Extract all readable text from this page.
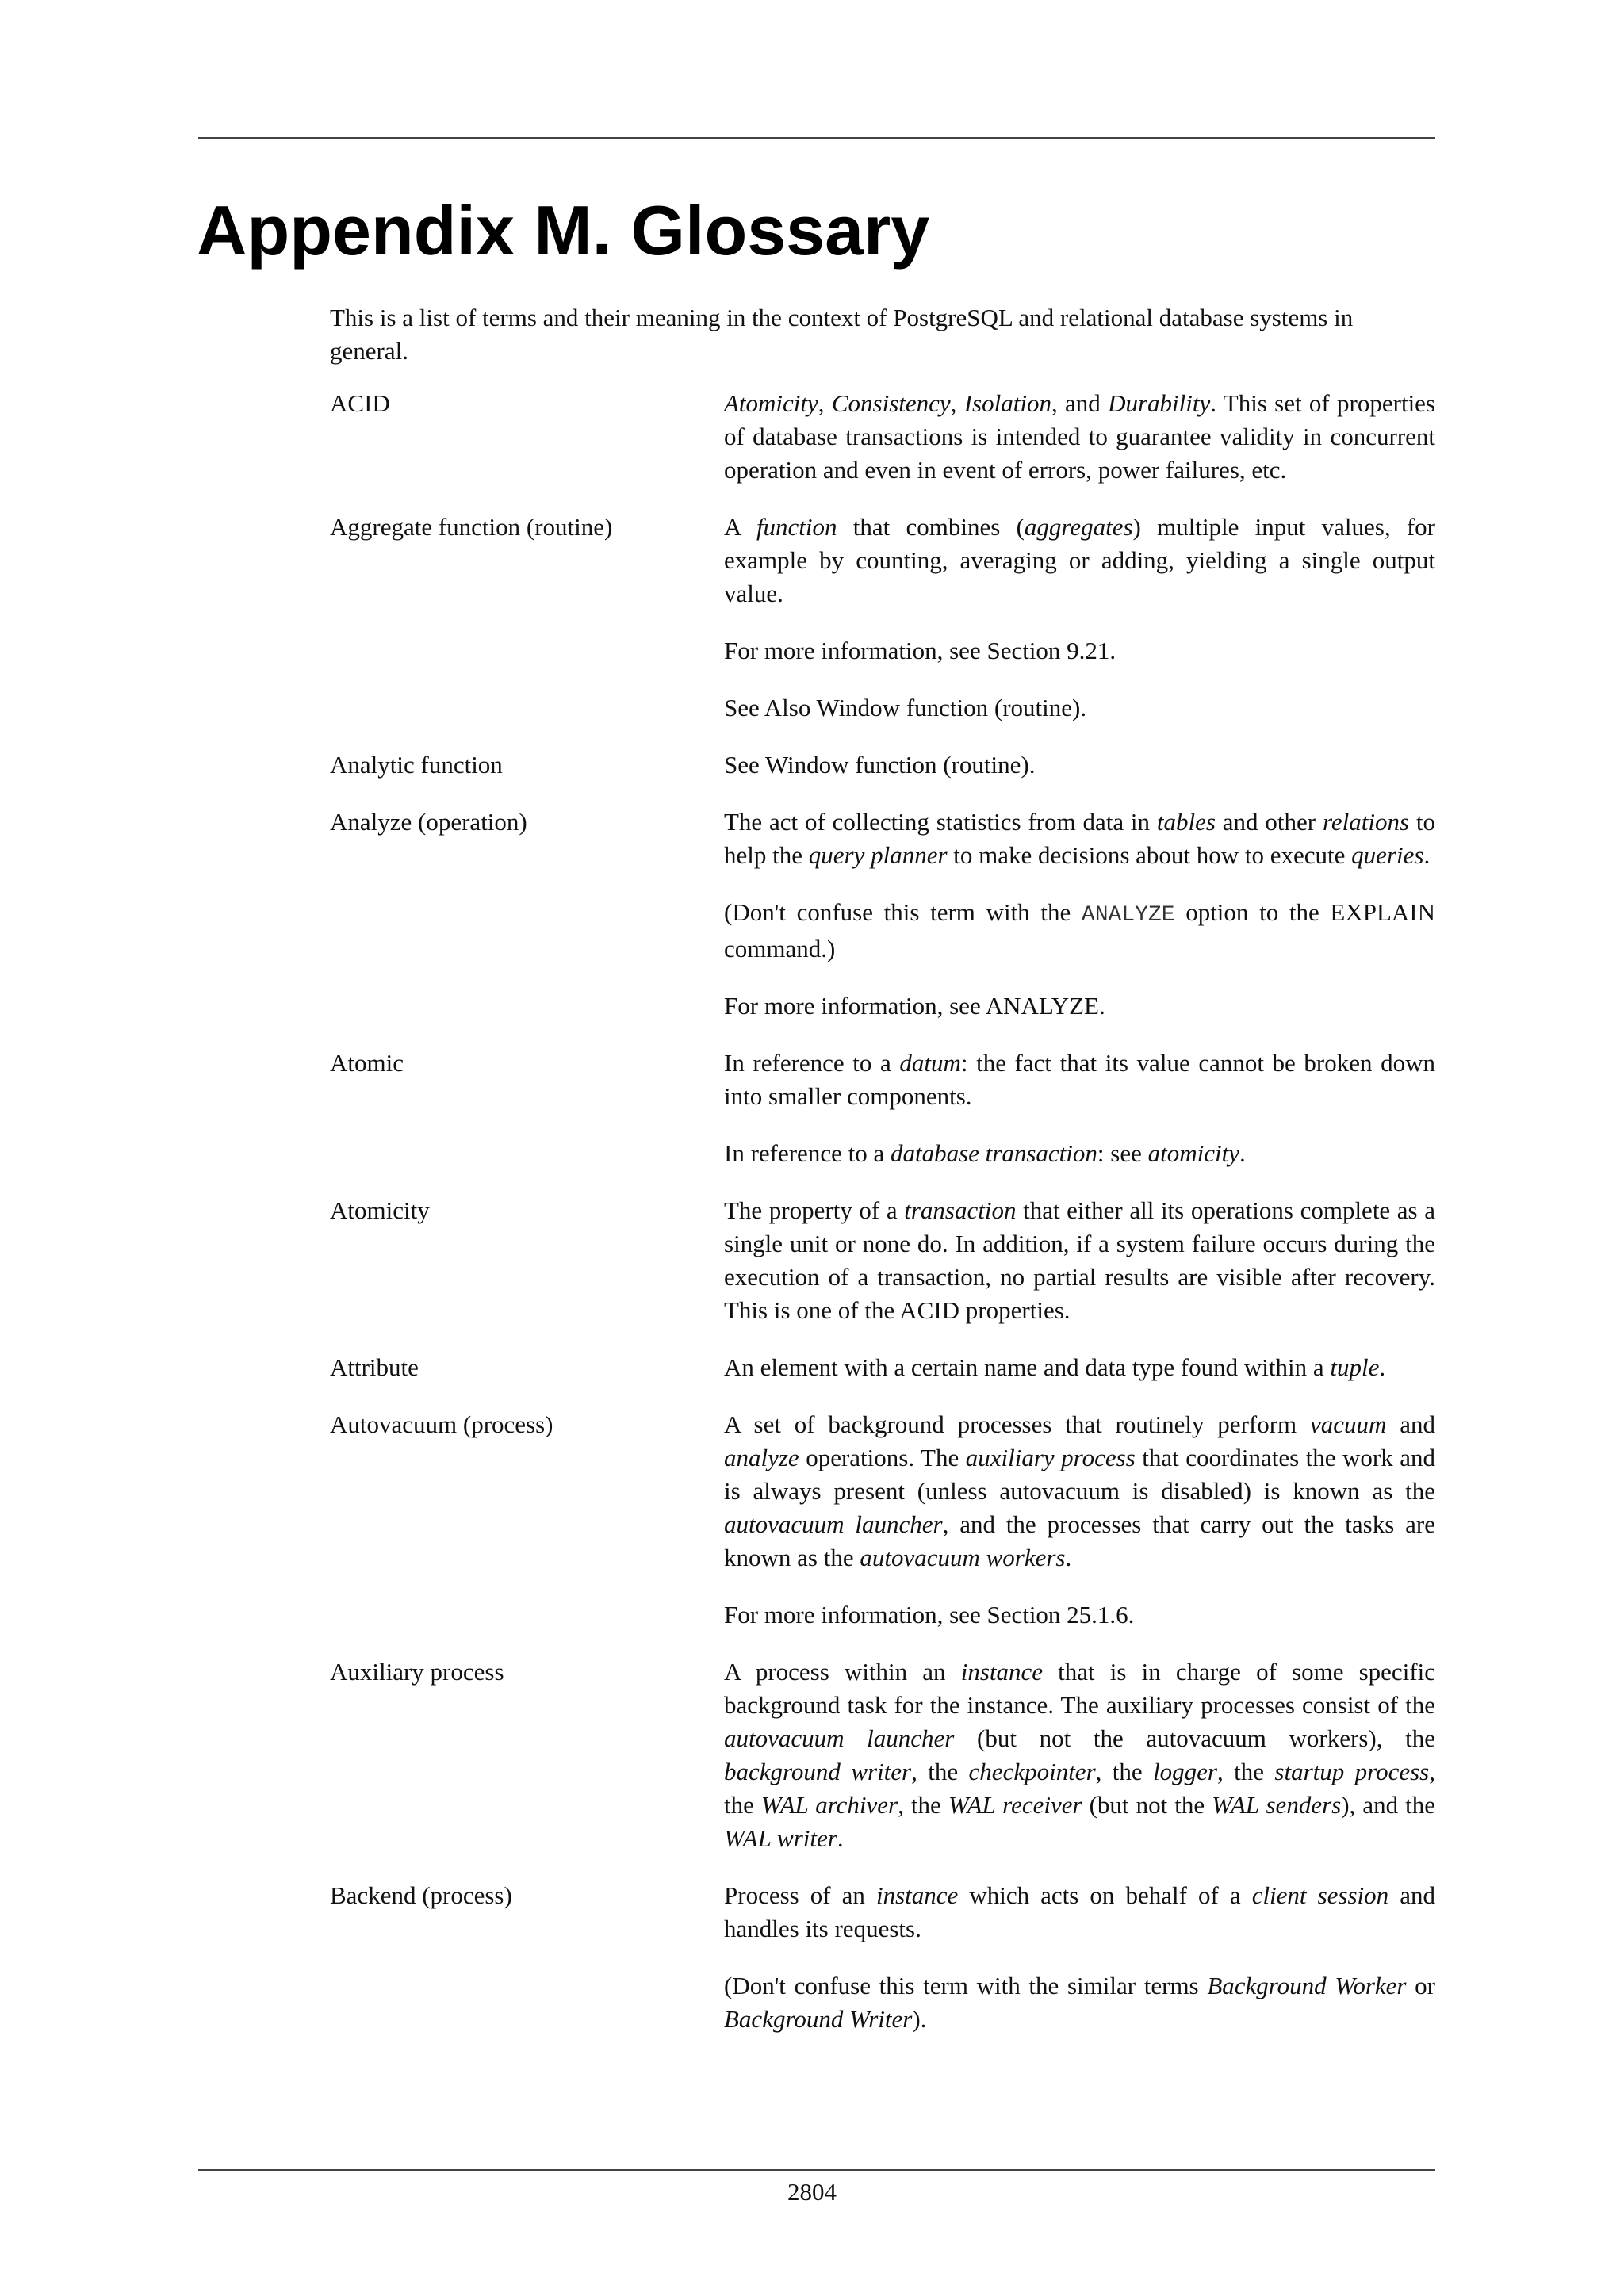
Appendix M. Glossary

This is a list of terms and their meaning in the context of PostgreSQL and relational database systems in general.

ACID	Atomicity, Consistency, Isolation, and Durability. This set of properties of database transactions is intended to guarantee validity in concurrent operation and even in event of errors, power failures, etc.

Aggregate function (routine)	A function that combines (aggregates) multiple input values, for example by counting, averaging or adding, yielding a single output value.

For more information, see Section 9.21.

See Also Window function (routine).

Analytic function	See Window function (routine).

Analyze (operation)	The act of collecting statistics from data in tables and other relations to help the query planner to make decisions about how to execute queries.

(Don't confuse this term with the ANALYZE option to the EXPLAIN command.)

For more information, see ANALYZE.

Atomic	In reference to a datum: the fact that its value cannot be broken down into smaller components.

In reference to a database transaction: see atomicity.

Atomicity	The property of a transaction that either all its operations complete as a single unit or none do. In addition, if a system failure occurs during the execution of a transaction, no partial results are visible after recovery. This is one of the ACID properties.

Attribute	An element with a certain name and data type found within a tuple.

Autovacuum (process)	A set of background processes that routinely perform vacuum and analyze operations. The auxiliary process that coordinates the work and is always present (unless autovacuum is disabled) is known as the autovacuum launcher, and the processes that carry out the tasks are known as the autovacuum workers.

For more information, see Section 25.1.6.

Auxiliary process	A process within an instance that is in charge of some specific background task for the instance. The auxiliary processes consist of the autovacuum launcher (but not the autovacuum workers), the background writer, the checkpointer, the logger, the startup process, the WAL archiver, the WAL receiver (but not the WAL senders), and the WAL writer.

Backend (process)	Process of an instance which acts on behalf of a client session and handles its requests.

(Don't confuse this term with the similar terms Background Worker or Background Writer).

2804
